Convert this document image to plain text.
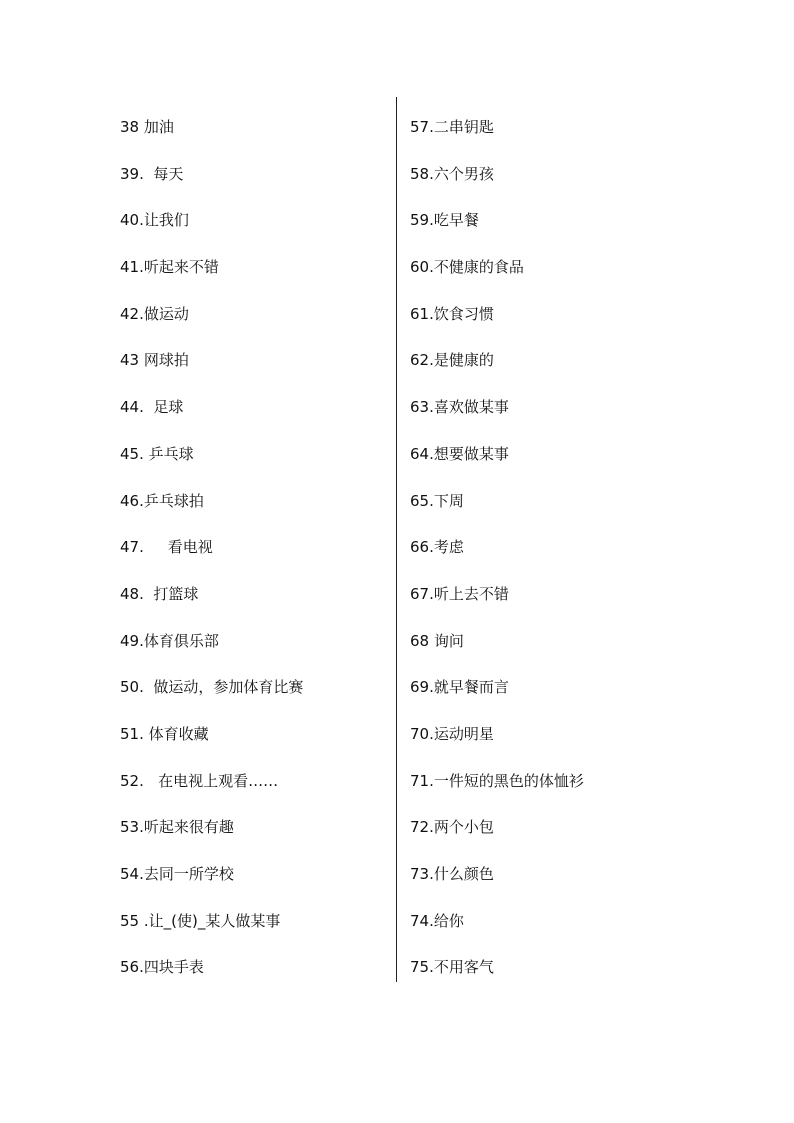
38 加油
39.  每天
40.让我们
41.听起来不错
42.做运动
43 网球拍
44.  足球
45. 乒乓球
46.乒乓球拍
47.     看电视
48.  打篮球
49.体育俱乐部
50.  做运动，参加体育比赛
51. 体育收藏
52.   在电视上观看……
53.听起来很有趣
54.去同一所学校
55 .让_(使)_某人做某事
56.四块手表
57.二串钥匙
58.六个男孩
59.吃早餐
60.不健康的食品
61.饮食习惯
62.是健康的
63.喜欢做某事
64.想要做某事
65.下周
66.考虑
67.听上去不错
68 询问
69.就早餐而言
70.运动明星
71.一件短的黑色的体恤衫
72.两个小包
73.什么颜色
74.给你
75.不用客气
